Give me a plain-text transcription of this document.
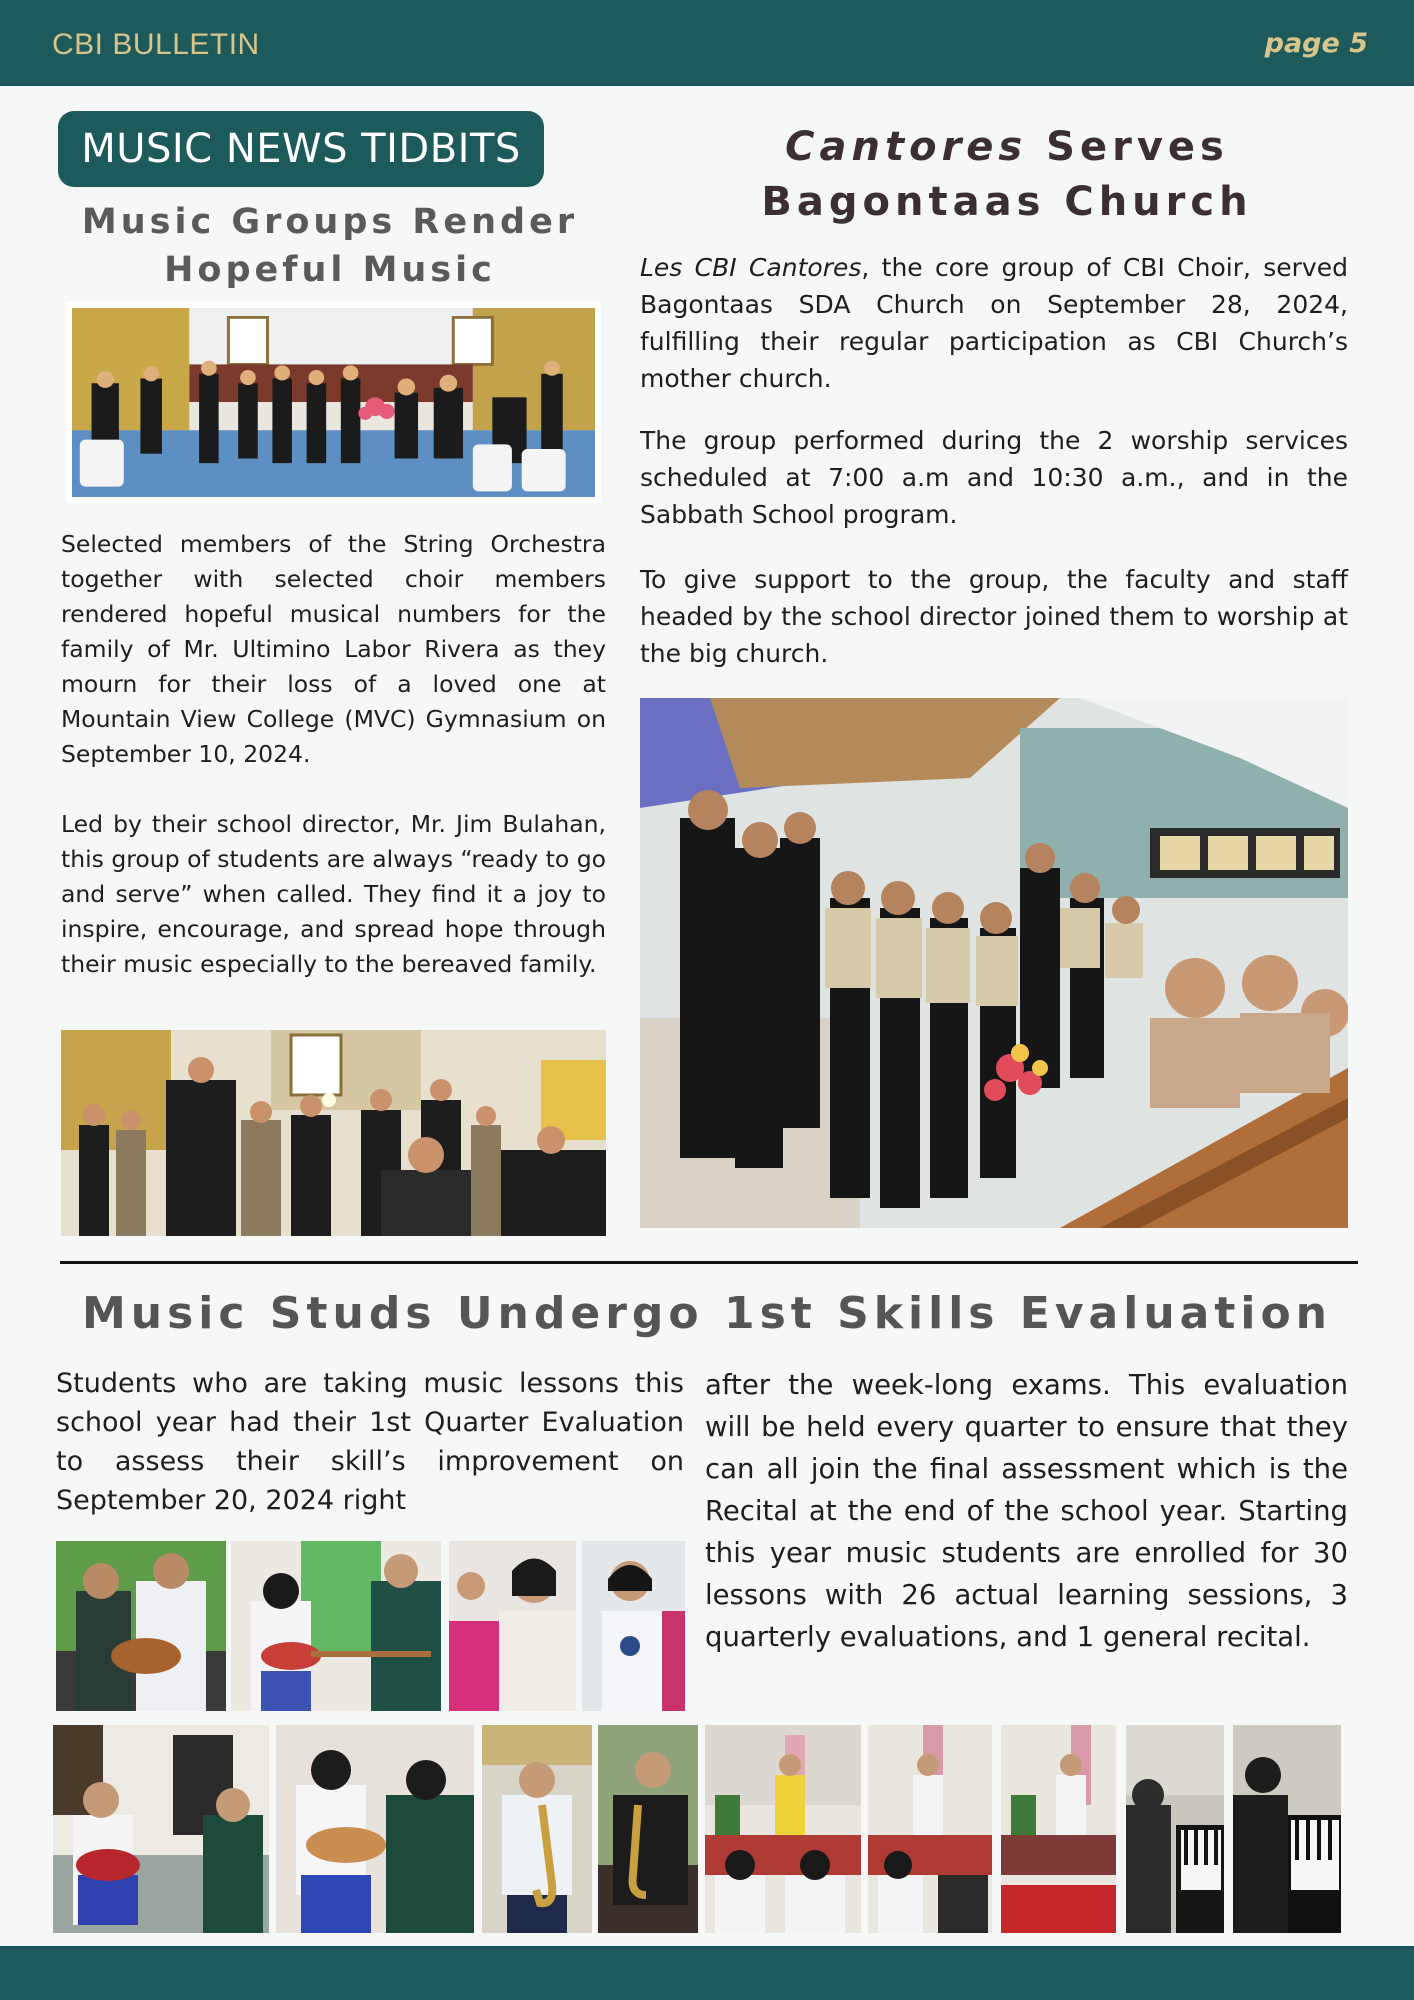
CBI BULLETIN	page 5
MUSIC NEWS TIDBITS
Music Groups Render
Hopeful Music
Selected members of the String Orchestra together with selected choir members rendered hopeful musical numbers for the family of Mr. Ultimino Labor Rivera as they mourn for their loss of a loved one at Mountain View College (MVC) Gymnasium on September 10, 2024.
Led by their school director, Mr. Jim Bulahan, this group of students are always “ready to go and serve” when called. They find it a joy to inspire, encourage, and spread hope through their music especially to the bereaved family.
Cantores Serves
Bagontaas Church
Les CBI Cantores, the core group of CBI Choir, served Bagontaas SDA Church on September 28, 2024, fulfilling their regular participation as CBI Church’s mother church.
The group performed during the 2 worship services scheduled at 7:00 a.m and 10:30 a.m., and in the Sabbath School program.
To give support to the group, the faculty and staff headed by the school director joined them to worship at the big church.
Music Studs Undergo 1st Skills Evaluation
Students who are taking music lessons this school year had their 1st Quarter Evaluation to assess their skill’s improvement on September 20, 2024 right
after the week-long exams. This evaluation will be held every quarter to ensure that they can all join the final assessment which is the Recital at the end of the school year. Starting this year music students are enrolled for 30 lessons with 26 actual learning sessions, 3 quarterly evaluations, and 1 general recital.
